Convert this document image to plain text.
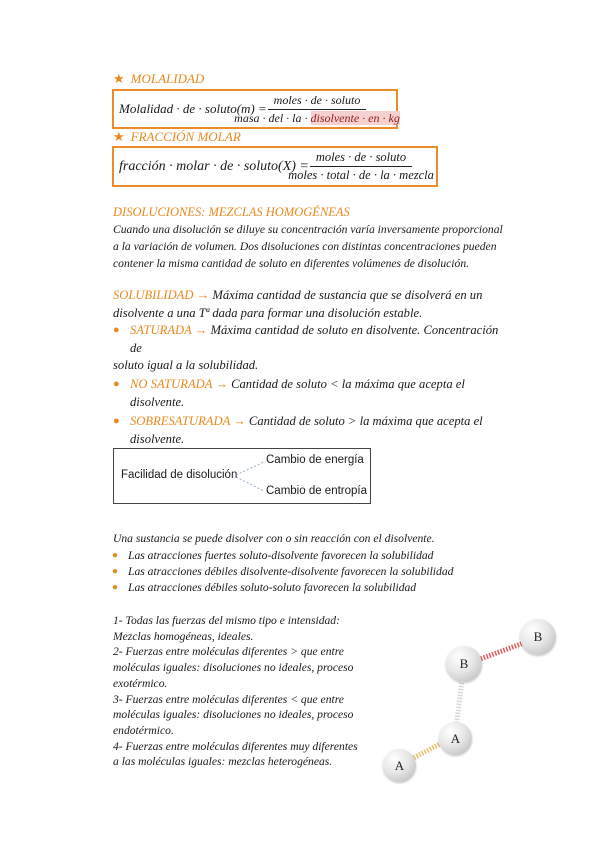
★ MOLALIDAD
Molalidad · de · soluto(m) =
moles · de · soluto
masa · del · la · disolvente · en · kg
★ FRACCIÓN MOLAR
fracción · molar · de · soluto(X) =
moles · de · soluto
moles · total · de · la · mezcla
DISOLUCIONES: MEZCLAS HOMOGÉNEAS
Cuando una disolución se diluye su concentración varía inversamente proporcional
a la variación de volumen. Dos disoluciones con distintas concentraciones pueden
contener la misma cantidad de soluto en diferentes volúmenes de disolución.
SOLUBILIDAD → Máxima cantidad de sustancia que se disolverá en un
disolvente a una Tª dada para formar una disolución estable.
● SATURADA → Máxima cantidad de soluto en disolvente. Concentración
de
soluto igual a la solubilidad.
● NO SATURADA → Cantidad de soluto < la máxima que acepta el
disolvente.
● SOBRESATURADA → Cantidad de soluto > la máxima que acepta el
disolvente.
Facilidad de disolución
Cambio de energía
Cambio de entropía
Una sustancia se puede disolver con o sin reacción con el disolvente.
● Las atracciones fuertes soluto-disolvente favorecen la solubilidad
● Las atracciones débiles disolvente-disolvente favorecen la solubilidad
● Las atracciones débiles soluto-soluto favorecen la solubilidad
1- Todas las fuerzas del mismo tipo e intensidad:
Mezclas homogéneas, ideales.
2- Fuerzas entre moléculas diferentes > que entre
moléculas iguales: disoluciones no ideales, proceso
exotérmico.
3- Fuerzas entre moléculas diferentes < que entre
moléculas iguales: disoluciones no ideales, proceso
endotérmico.
4- Fuerzas entre moléculas diferentes muy diferentes
a las moléculas iguales: mezclas heterogéneas.
B
B
A
A
